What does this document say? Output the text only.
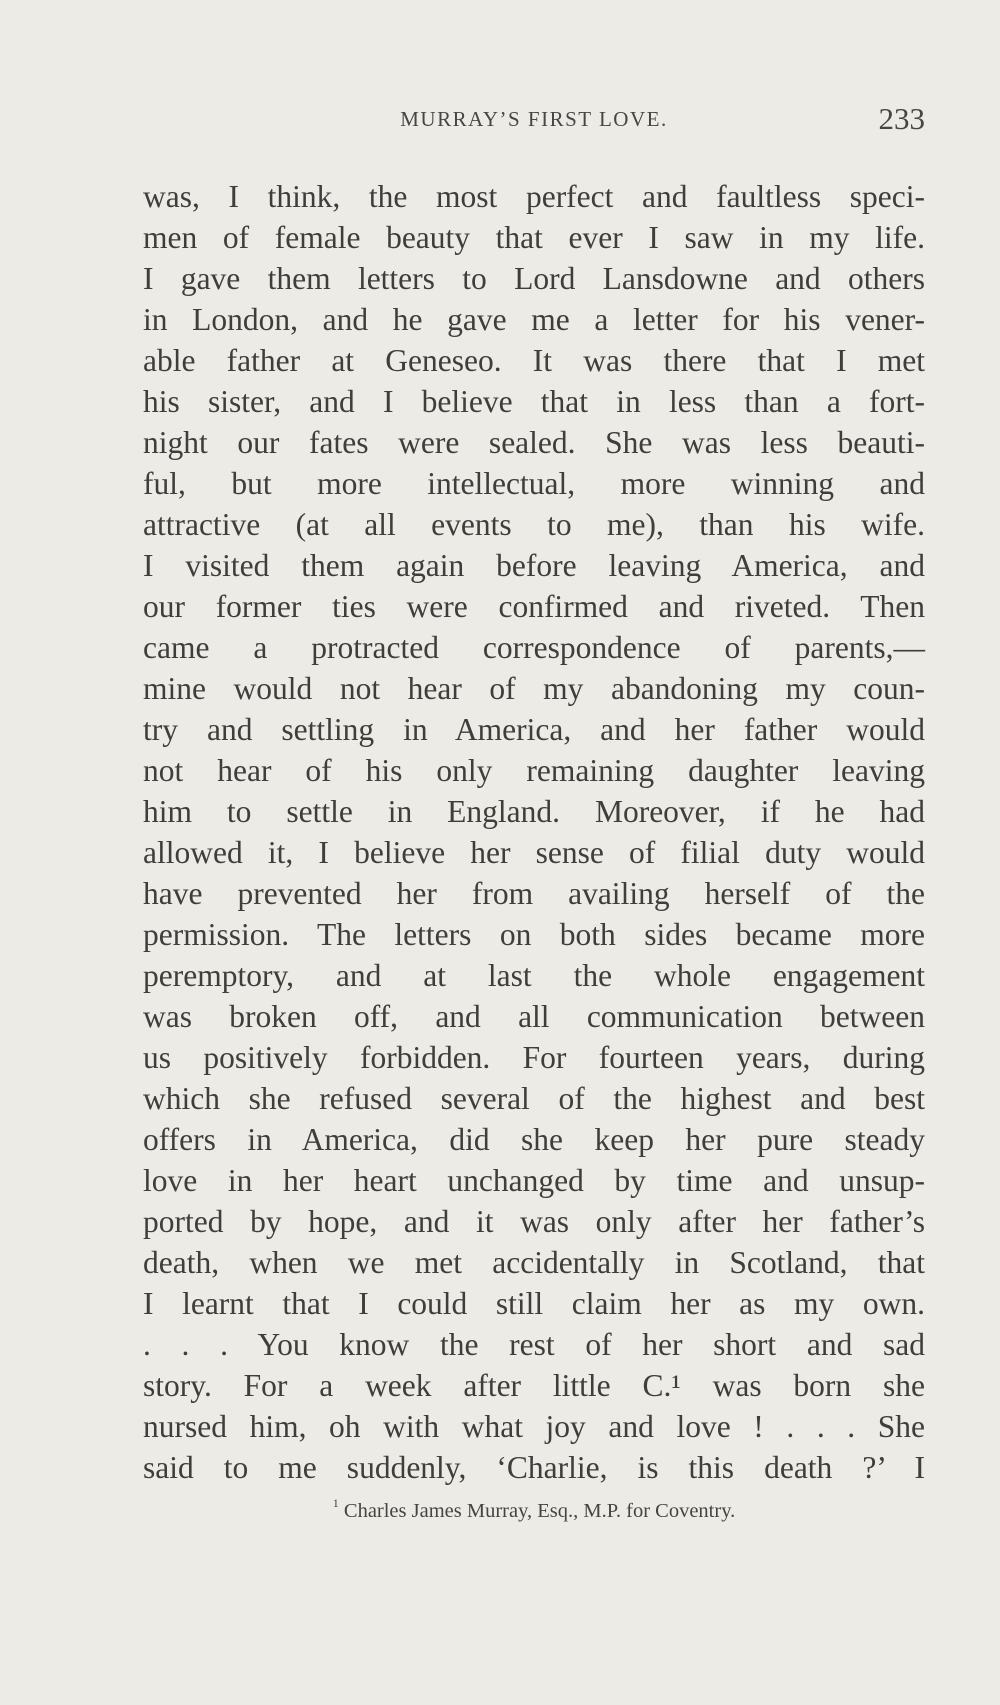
MURRAY’S FIRST LOVE.	233
was, I think, the most perfect and faultless speci-
men of female beauty that ever I saw in my life.
I gave them letters to Lord Lansdowne and others
in London, and he gave me a letter for his vener-
able father at Geneseo. It was there that I met
his sister, and I believe that in less than a fort-
night our fates were sealed. She was less beauti-
ful, but more intellectual, more winning and
attractive (at all events to me), than his wife.
I visited them again before leaving America, and
our former ties were confirmed and riveted. Then
came a protracted correspondence of parents,—
mine would not hear of my abandoning my coun-
try and settling in America, and her father would
not hear of his only remaining daughter leaving
him to settle in England. Moreover, if he had
allowed it, I believe her sense of filial duty would
have prevented her from availing herself of the
permission. The letters on both sides became more
peremptory, and at last the whole engagement
was broken off, and all communication between
us positively forbidden. For fourteen years, during
which she refused several of the highest and best
offers in America, did she keep her pure steady
love in her heart unchanged by time and unsup-
ported by hope, and it was only after her father’s
death, when we met accidentally in Scotland, that
I learnt that I could still claim her as my own.
. . . You know the rest of her short and sad
story. For a week after little C.¹ was born she
nursed him, oh with what joy and love ! . . . She
said to me suddenly, ‘Charlie, is this death ?’ I
$^1$ Charles James Murray, Esq., M.P. for Coventry.
